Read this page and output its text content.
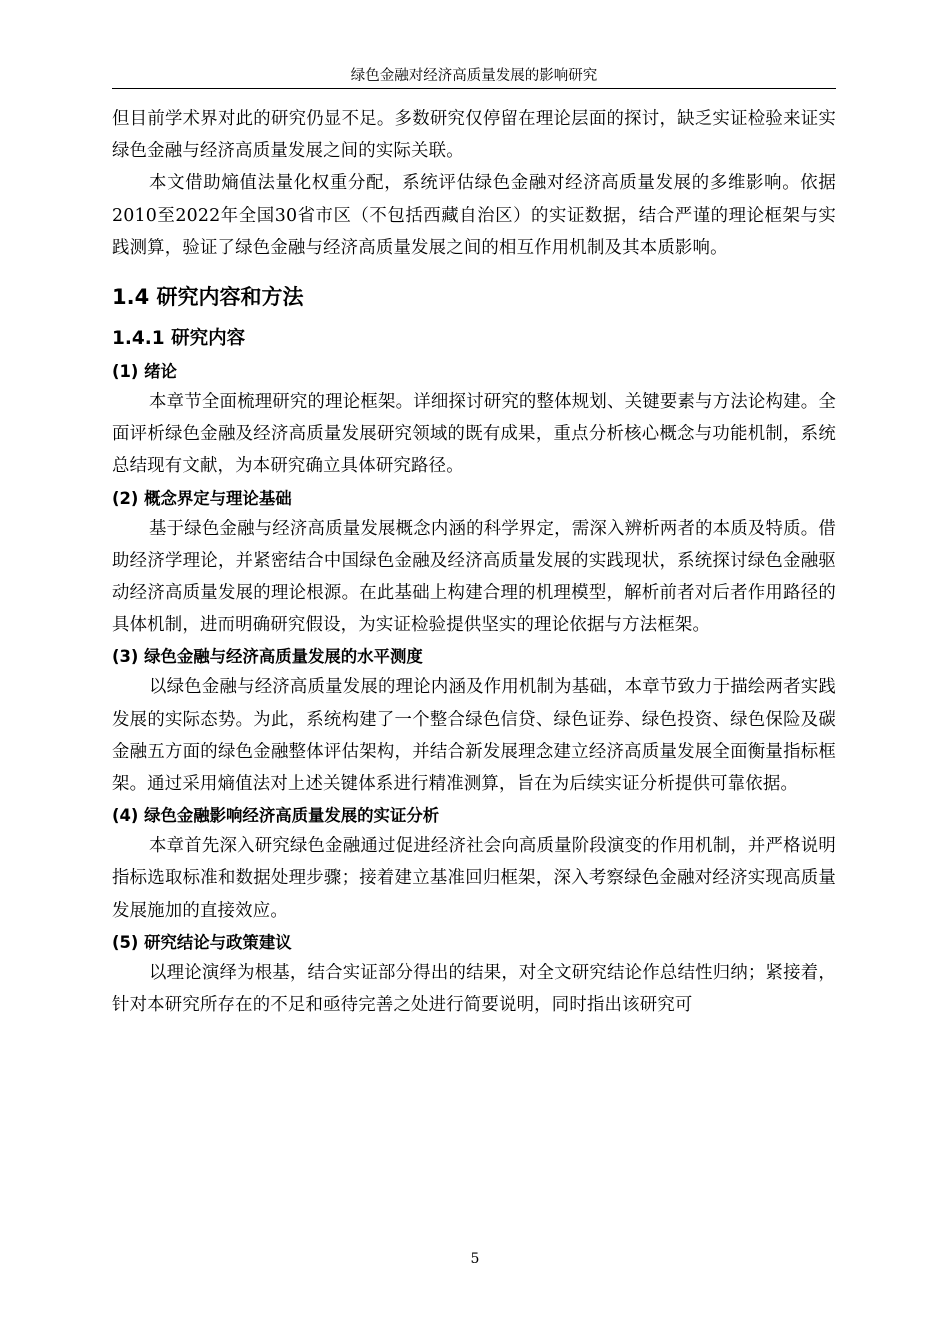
绿色金融对经济高质量发展的影响研究

但目前学术界对此的研究仍显不足。多数研究仅停留在理论层面的探讨，缺乏实证检验来证实绿色金融与经济高质量发展之间的实际关联。

本文借助熵值法量化权重分配，系统评估绿色金融对经济高质量发展的多维影响。依据2010至2022年全国30省市区（不包括西藏自治区）的实证数据，结合严谨的理论框架与实践测算，验证了绿色金融与经济高质量发展之间的相互作用机制及其本质影响。

1.4 研究内容和方法
1.4.1 研究内容
(1) 绪论

本章节全面梳理研究的理论框架。详细探讨研究的整体规划、关键要素与方法论构建。全面评析绿色金融及经济高质量发展研究领域的既有成果，重点分析核心概念与功能机制，系统总结现有文献，为本研究确立具体研究路径。

(2) 概念界定与理论基础

基于绿色金融与经济高质量发展概念内涵的科学界定，需深入辨析两者的本质及特质。借助经济学理论，并紧密结合中国绿色金融及经济高质量发展的实践现状，系统探讨绿色金融驱动经济高质量发展的理论根源。在此基础上构建合理的机理模型，解析前者对后者作用路径的具体机制，进而明确研究假设，为实证检验提供坚实的理论依据与方法框架。

(3) 绿色金融与经济高质量发展的水平测度

以绿色金融与经济高质量发展的理论内涵及作用机制为基础，本章节致力于描绘两者实践发展的实际态势。为此，系统构建了一个整合绿色信贷、绿色证券、绿色投资、绿色保险及碳金融五方面的绿色金融整体评估架构，并结合新发展理念建立经济高质量发展全面衡量指标框架。通过采用熵值法对上述关键体系进行精准测算，旨在为后续实证分析提供可靠依据。

(4) 绿色金融影响经济高质量发展的实证分析

本章首先深入研究绿色金融通过促进经济社会向高质量阶段演变的作用机制，并严格说明指标选取标准和数据处理步骤；接着建立基准回归框架，深入考察绿色金融对经济实现高质量发展施加的直接效应。

(5) 研究结论与政策建议

以理论演绎为根基，结合实证部分得出的结果，对全文研究结论作总结性归纳；紧接着，针对本研究所存在的不足和亟待完善之处进行简要说明，同时指出该研究可

5
